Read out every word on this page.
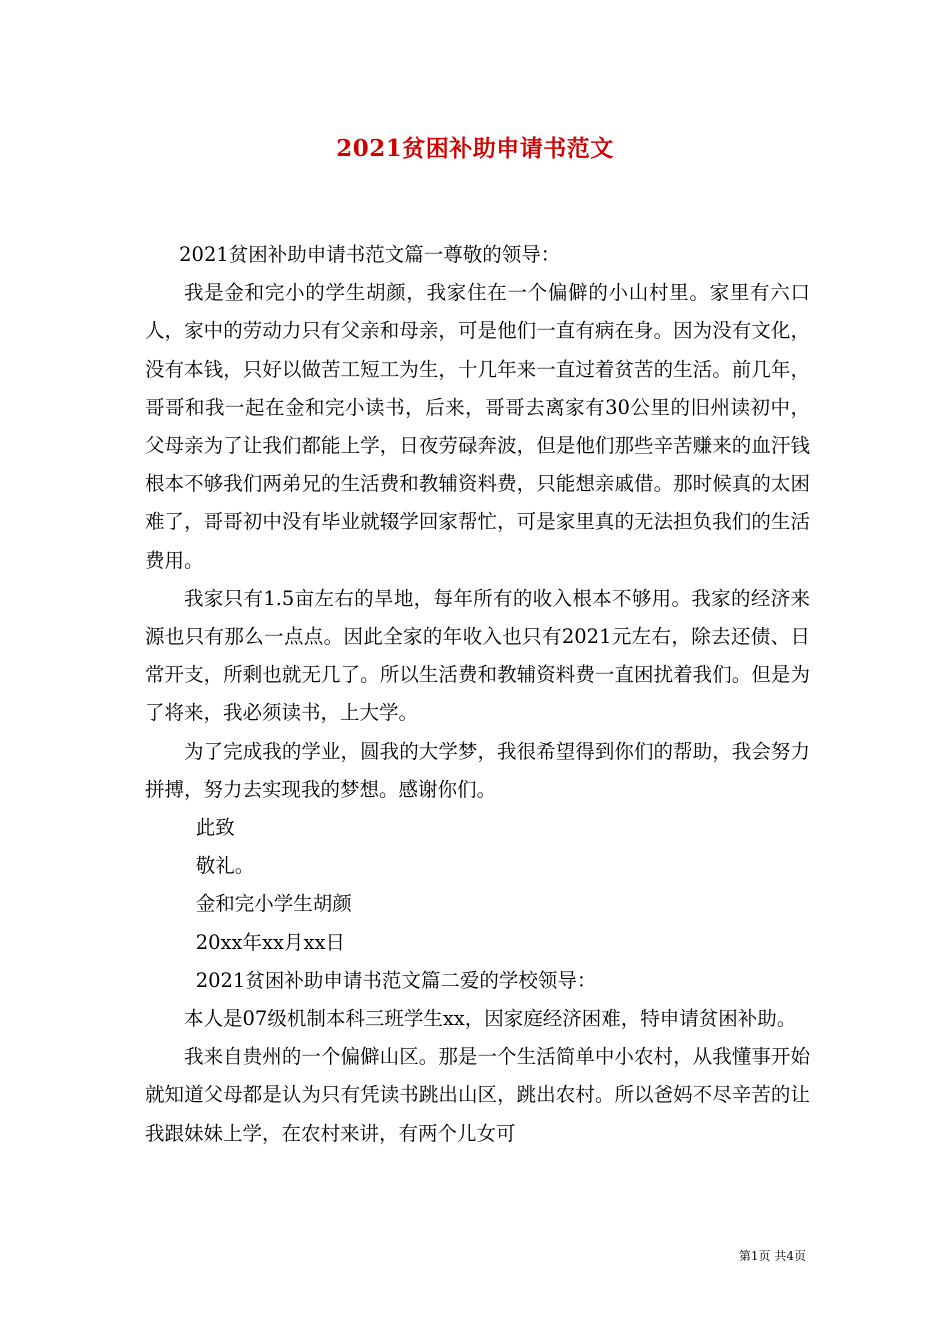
2021贫困补助申请书范文

2021贫困补助申请书范文篇一尊敬的领导：

我是金和完小的学生胡颜，我家住在一个偏僻的小山村里。家里有六口人，家中的劳动力只有父亲和母亲，可是他们一直有病在身。因为没有文化，没有本钱，只好以做苦工短工为生，十几年来一直过着贫苦的生活。前几年，哥哥和我一起在金和完小读书，后来，哥哥去离家有30公里的旧州读初中，父母亲为了让我们都能上学，日夜劳碌奔波，但是他们那些辛苦赚来的血汗钱根本不够我们两弟兄的生活费和教辅资料费，只能想亲戚借。那时候真的太困难了，哥哥初中没有毕业就辍学回家帮忙，可是家里真的无法担负我们的生活费用。

我家只有1.5亩左右的旱地，每年所有的收入根本不够用。我家的经济来源也只有那么一点点。因此全家的年收入也只有2021元左右，除去还债、日常开支，所剩也就无几了。所以生活费和教辅资料费一直困扰着我们。但是为了将来，我必须读书，上大学。

为了完成我的学业，圆我的大学梦，我很希望得到你们的帮助，我会努力拼搏，努力去实现我的梦想。感谢你们。

此致

敬礼。

金和完小学生胡颜

20xx年xx月xx日

2021贫困补助申请书范文篇二爱的学校领导：

本人是07级机制本科三班学生xx，因家庭经济困难，特申请贫困补助。

我来自贵州的一个偏僻山区。那是一个生活简单中小农村，从我懂事开始就知道父母都是认为只有凭读书跳出山区，跳出农村。所以爸妈不尽辛苦的让我跟妹妹上学，在农村来讲，有两个儿女可

第1页 共4页
